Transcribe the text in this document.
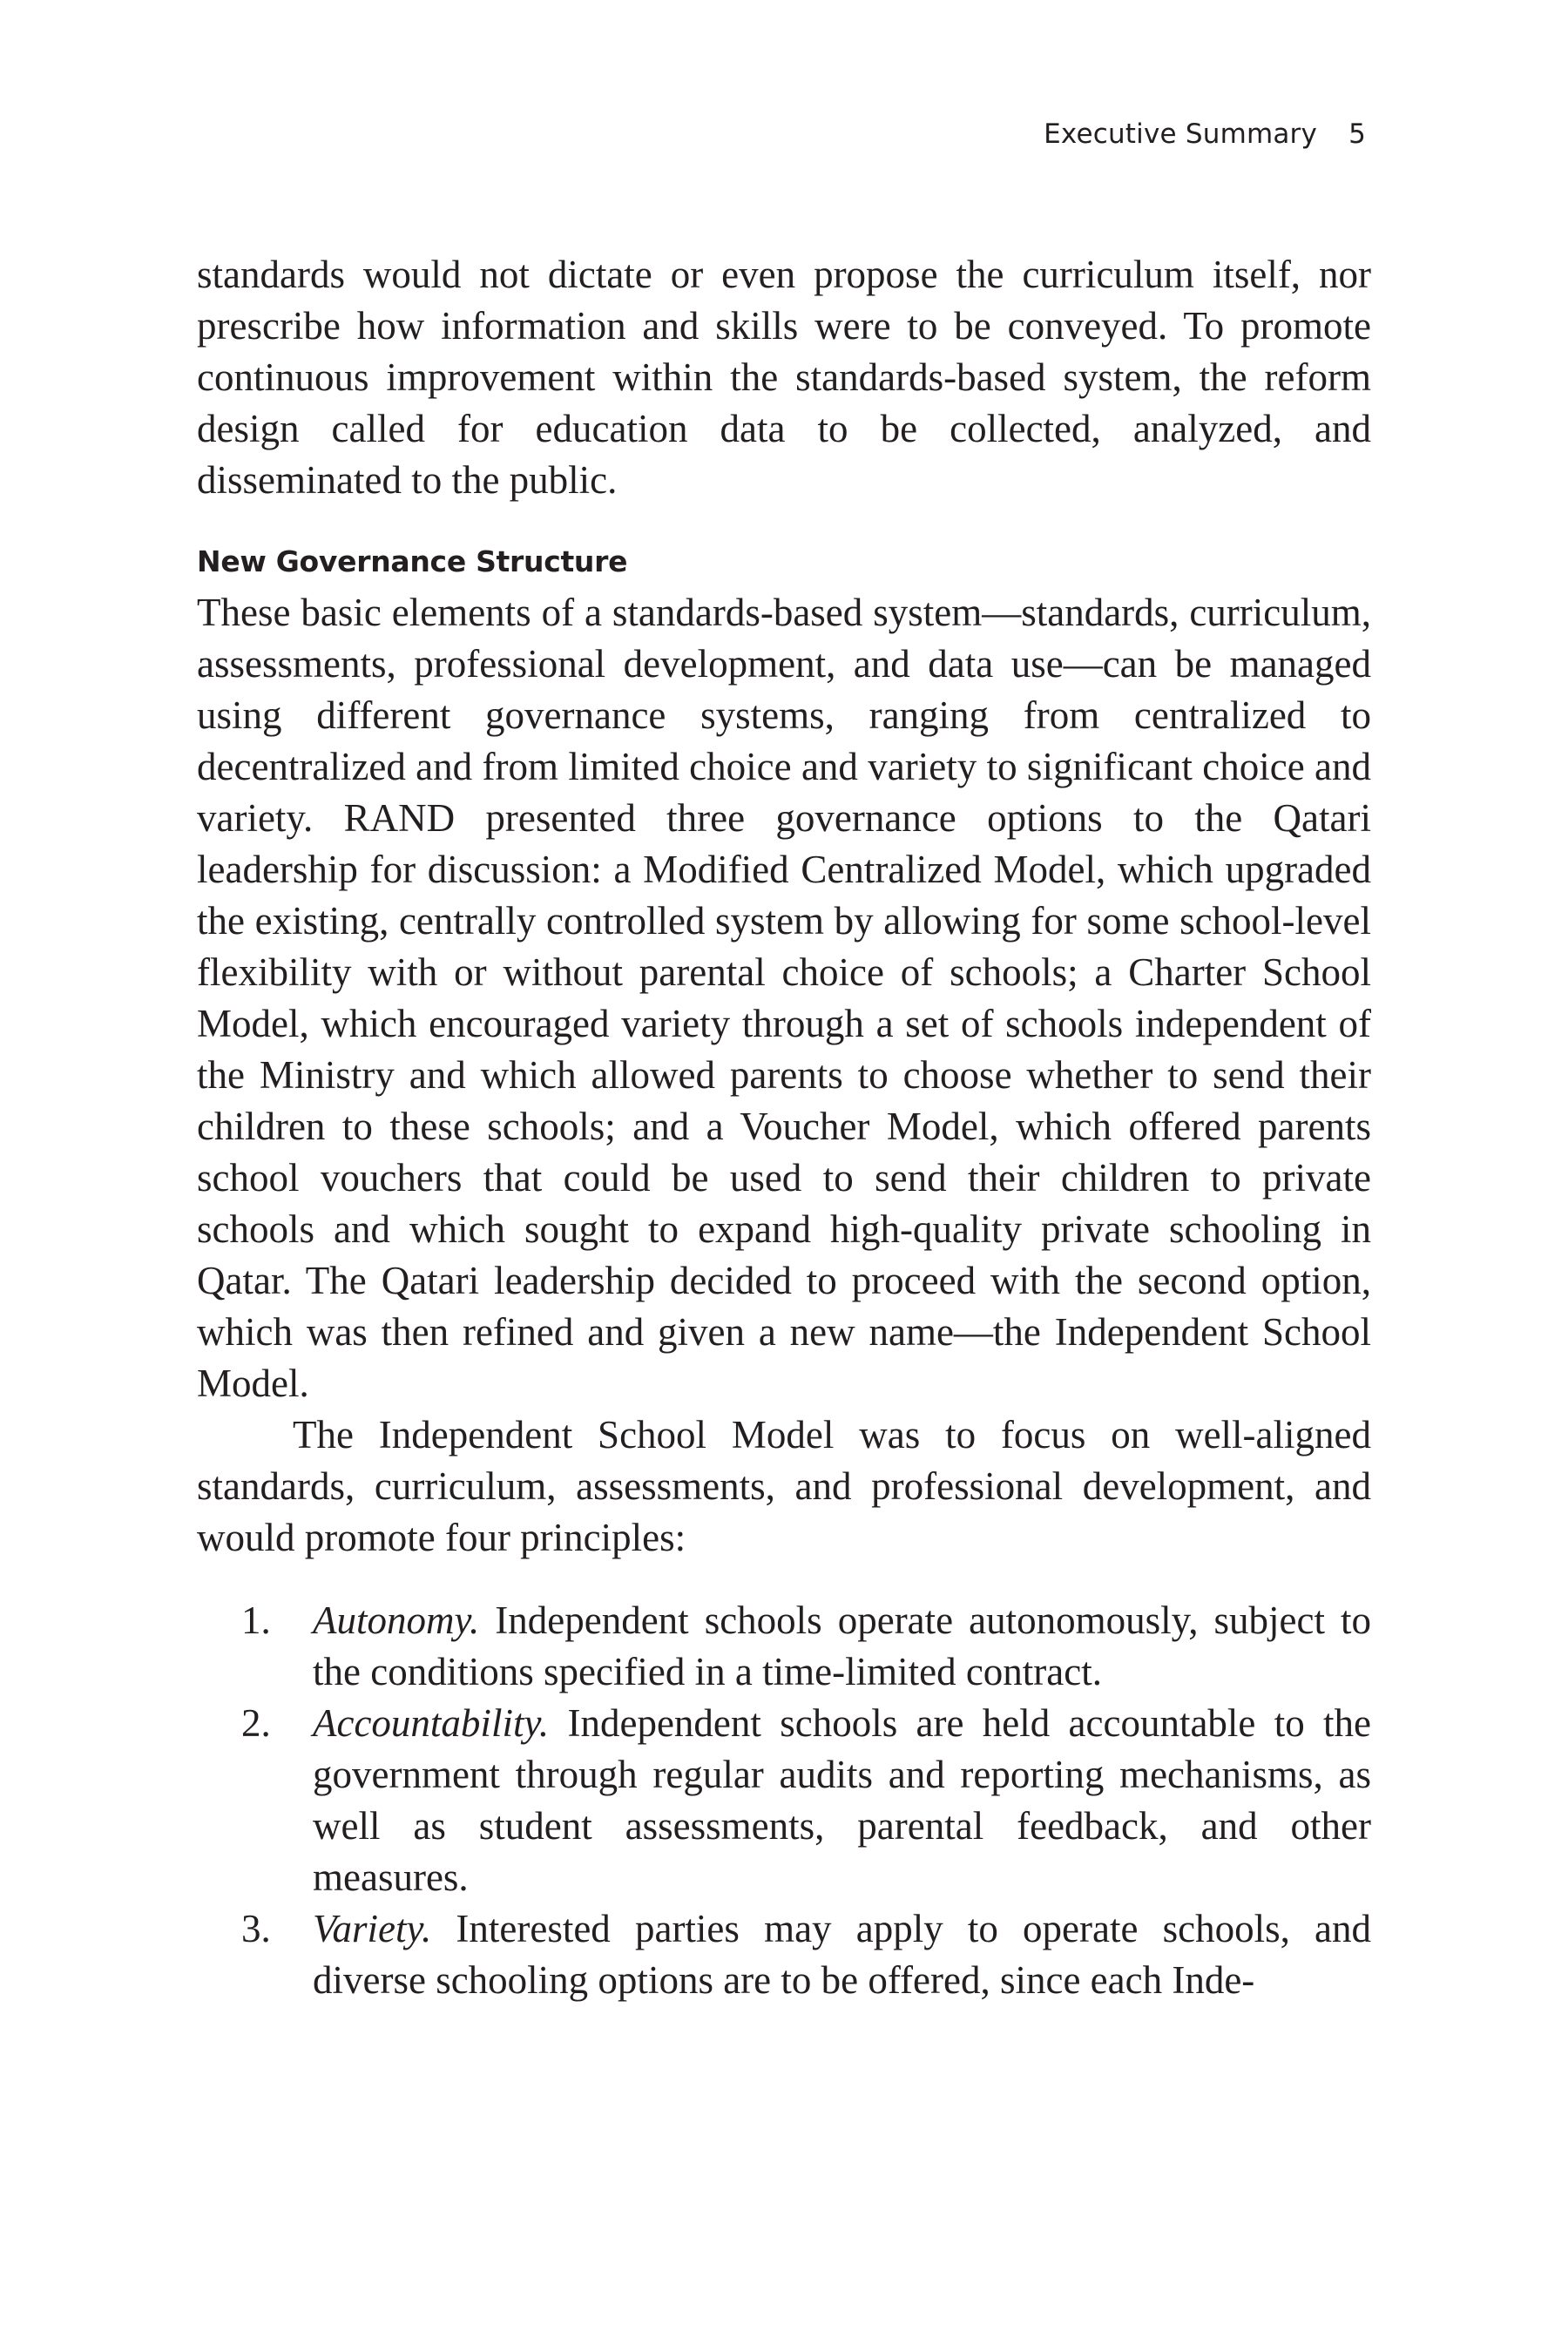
Executive Summary 5

standards would not dictate or even propose the curriculum itself, nor prescribe how information and skills were to be conveyed. To promote continuous improvement within the standards-based system, the reform design called for education data to be collected, analyzed, and disseminated to the public.

New Governance Structure

These basic elements of a standards-based system—standards, curriculum, assessments, professional development, and data use—can be managed using different governance systems, ranging from centralized to decentralized and from limited choice and variety to significant choice and variety. RAND presented three governance options to the Qatari leadership for discussion: a Modified Centralized Model, which upgraded the existing, centrally controlled system by allowing for some school-level flexibility with or without parental choice of schools; a Charter School Model, which encouraged variety through a set of schools independent of the Ministry and which allowed parents to choose whether to send their children to these schools; and a Voucher Model, which offered parents school vouchers that could be used to send their children to private schools and which sought to expand high-quality private schooling in Qatar. The Qatari leadership decided to proceed with the second option, which was then refined and given a new name—the Independent School Model.

The Independent School Model was to focus on well-aligned standards, curriculum, assessments, and professional development, and would promote four principles:

1. Autonomy. Independent schools operate autonomously, subject to the conditions specified in a time-limited contract.

2. Accountability. Independent schools are held accountable to the government through regular audits and reporting mechanisms, as well as student assessments, parental feedback, and other measures.

3. Variety. Interested parties may apply to operate schools, and diverse schooling options are to be offered, since each Inde-
